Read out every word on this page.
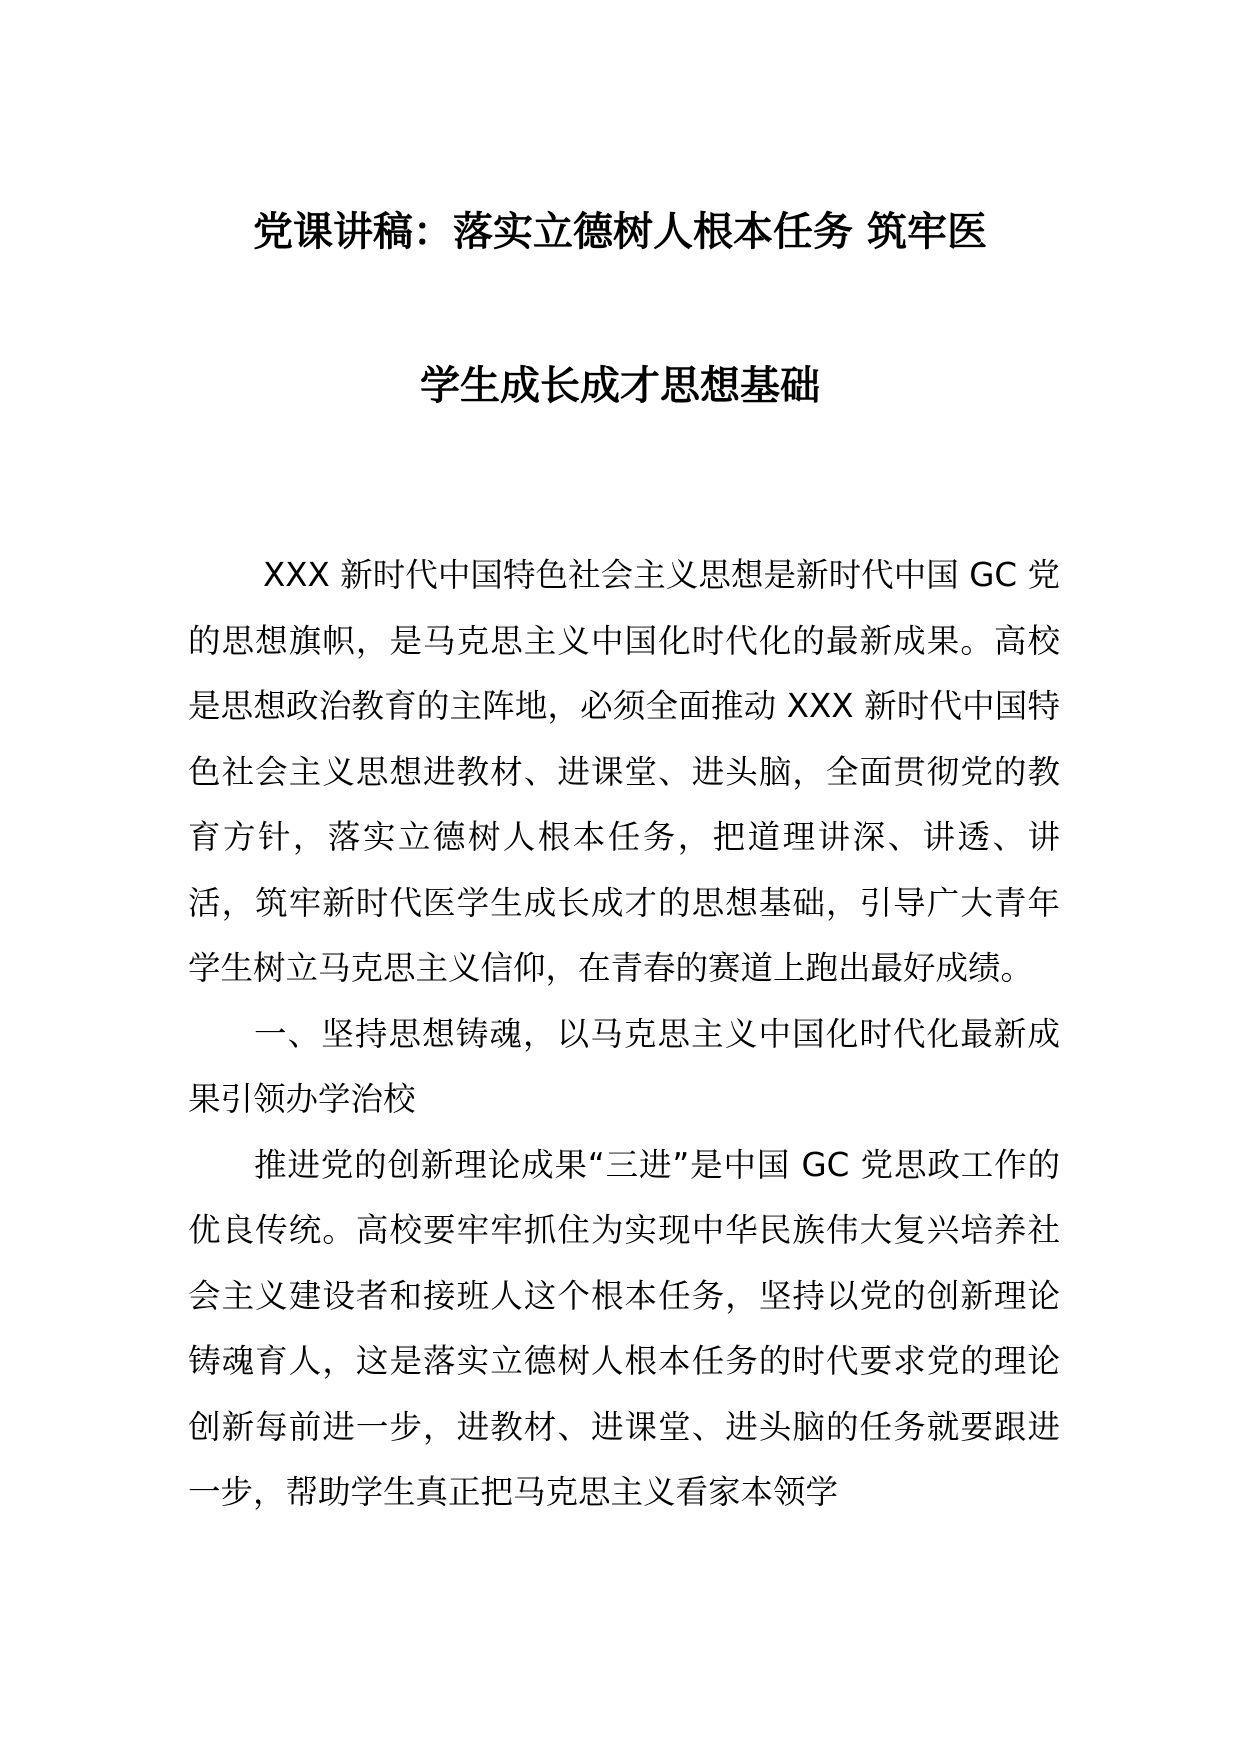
党课讲稿：落实立德树人根本任务 筑牢医
学生成长成才思想基础

XXX 新时代中国特色社会主义思想是新时代中国 GC 党的思想旗帜，是马克思主义中国化时代化的最新成果。高校是思想政治教育的主阵地，必须全面推动 XXX 新时代中国特色社会主义思想进教材、进课堂、进头脑，全面贯彻党的教育方针，落实立德树人根本任务，把道理讲深、讲透、讲活，筑牢新时代医学生成长成才的思想基础，引导广大青年学生树立马克思主义信仰，在青春的赛道上跑出最好成绩。

一、坚持思想铸魂，以马克思主义中国化时代化最新成果引领办学治校

推进党的创新理论成果“三进”是中国 GC 党思政工作的优良传统。高校要牢牢抓住为实现中华民族伟大复兴培养社会主义建设者和接班人这个根本任务，坚持以党的创新理论铸魂育人，这是落实立德树人根本任务的时代要求党的理论创新每前进一步，进教材、进课堂、进头脑的任务就要跟进一步，帮助学生真正把马克思主义看家本领学
